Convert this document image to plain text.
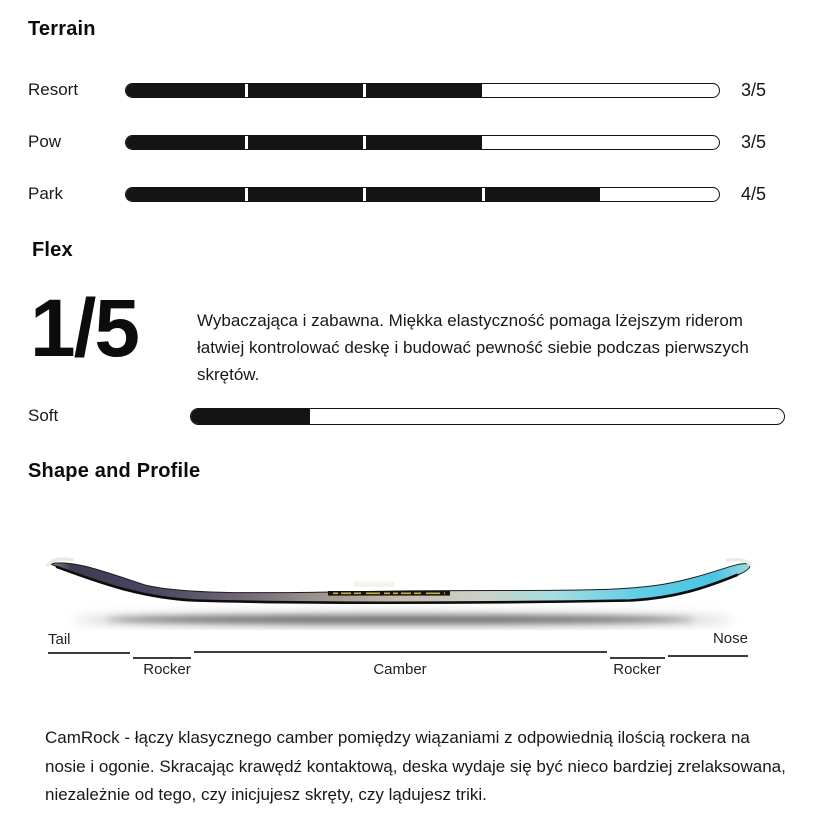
Terrain
Resort	3/5
Pow	3/5
Park	4/5
Flex
1/5	Wybaczająca i zabawna. Miękka elastyczność pomaga lżejszym riderom łatwiej kontrolować deskę i budować pewność siebie podczas pierwszych skrętów.
Soft
Shape and Profile
Tail	Nose
Rocker	Camber	Rocker
CamRock - łączy klasycznego camber pomiędzy wiązaniami z odpowiednią ilością rockera na nosie i ogonie. Skracając krawędź kontaktową, deska wydaje się być nieco bardziej zrelaksowana, niezależnie od tego, czy inicjujesz skręty, czy lądujesz triki.
